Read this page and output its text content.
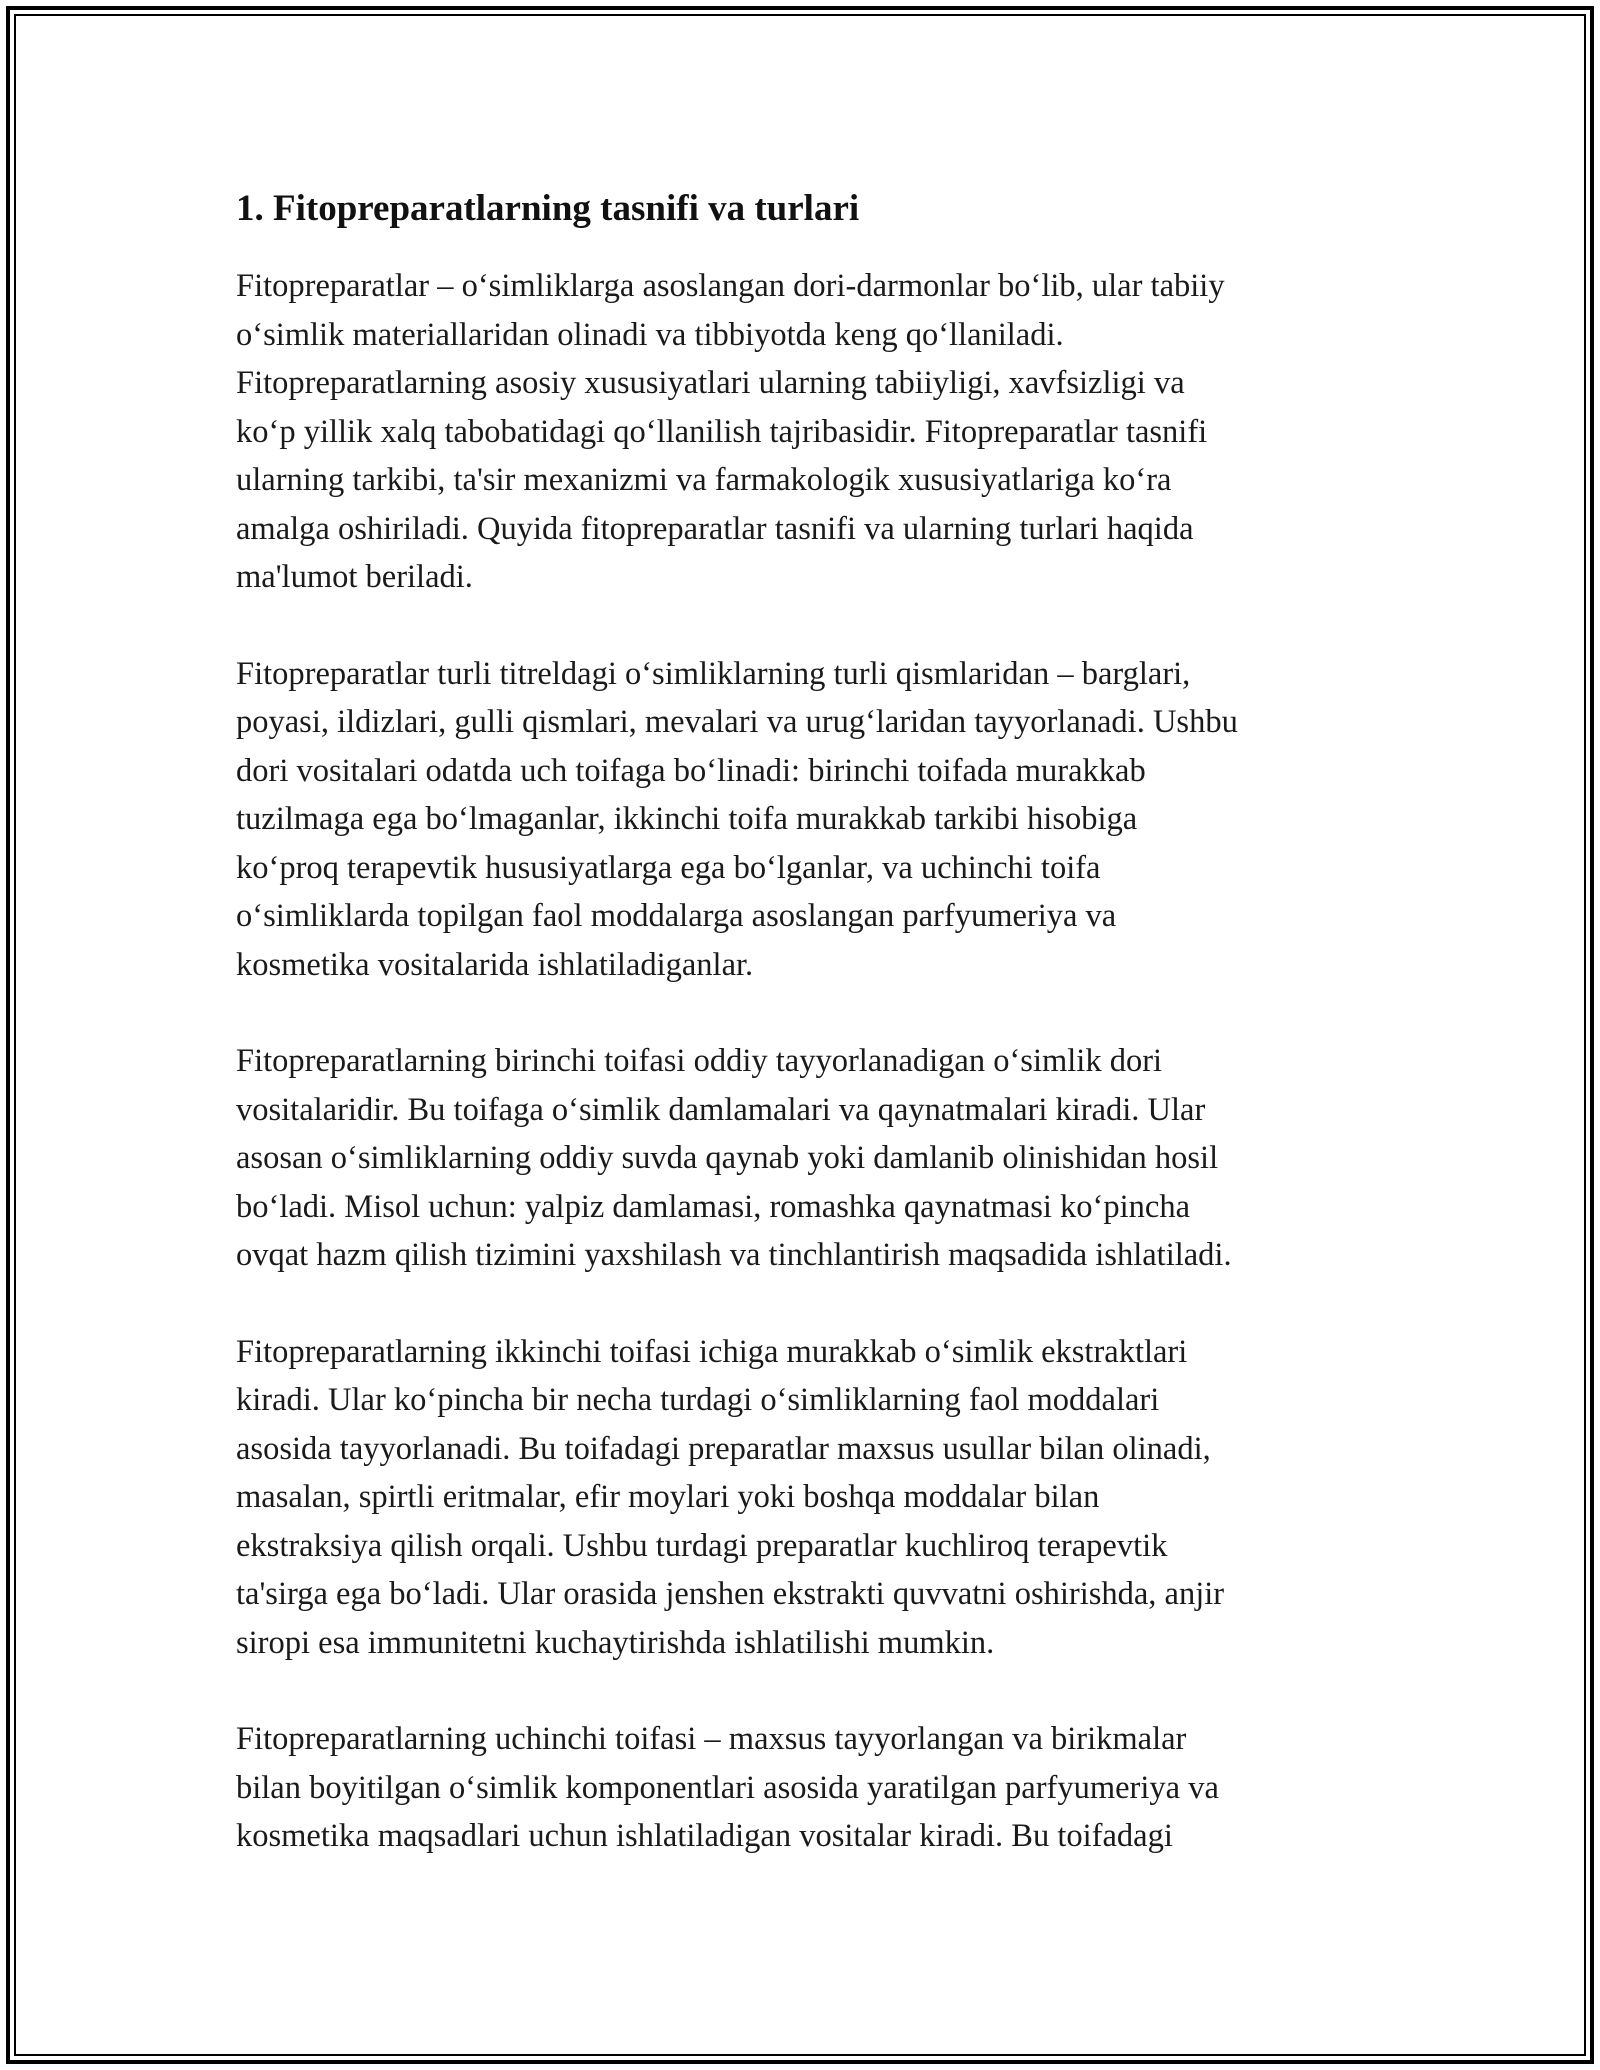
1. Fitopreparatlarning tasnifi va turlari

Fitopreparatlar – o‘simliklarga asoslangan dori-darmonlar bo‘lib, ular tabiiy
o‘simlik materiallaridan olinadi va tibbiyotda keng qo‘llaniladi.
Fitopreparatlarning asosiy xususiyatlari ularning tabiiyligi, xavfsizligi va
ko‘p yillik xalq tabobatidagi qo‘llanilish tajribasidir. Fitopreparatlar tasnifi
ularning tarkibi, ta'sir mexanizmi va farmakologik xususiyatlariga ko‘ra
amalga oshiriladi. Quyida fitopreparatlar tasnifi va ularning turlari haqida
ma'lumot beriladi.

Fitopreparatlar turli titreldagi o‘simliklarning turli qismlaridan – barglari,
poyasi, ildizlari, gulli qismlari, mevalari va urug‘laridan tayyorlanadi. Ushbu
dori vositalari odatda uch toifaga bo‘linadi: birinchi toifada murakkab
tuzilmaga ega bo‘lmaganlar, ikkinchi toifa murakkab tarkibi hisobiga
ko‘proq terapevtik hususiyatlarga ega bo‘lganlar, va uchinchi toifa
o‘simliklarda topilgan faol moddalarga asoslangan parfyumeriya va
kosmetika vositalarida ishlatiladiganlar.

Fitopreparatlarning birinchi toifasi oddiy tayyorlanadigan o‘simlik dori
vositalaridir. Bu toifaga o‘simlik damlamalari va qaynatmalari kiradi. Ular
asosan o‘simliklarning oddiy suvda qaynab yoki damlanib olinishidan hosil
bo‘ladi. Misol uchun: yalpiz damlamasi, romashka qaynatmasi ko‘pincha
ovqat hazm qilish tizimini yaxshilash va tinchlantirish maqsadida ishlatiladi.

Fitopreparatlarning ikkinchi toifasi ichiga murakkab o‘simlik ekstraktlari
kiradi. Ular ko‘pincha bir necha turdagi o‘simliklarning faol moddalari
asosida tayyorlanadi. Bu toifadagi preparatlar maxsus usullar bilan olinadi,
masalan, spirtli eritmalar, efir moylari yoki boshqa moddalar bilan
ekstraksiya qilish orqali. Ushbu turdagi preparatlar kuchliroq terapevtik
ta'sirga ega bo‘ladi. Ular orasida jenshen ekstrakti quvvatni oshirishda, anjir
siropi esa immunitetni kuchaytirishda ishlatilishi mumkin.

Fitopreparatlarning uchinchi toifasi – maxsus tayyorlangan va birikmalar
bilan boyitilgan o‘simlik komponentlari asosida yaratilgan parfyumeriya va
kosmetika maqsadlari uchun ishlatiladigan vositalar kiradi. Bu toifadagi
